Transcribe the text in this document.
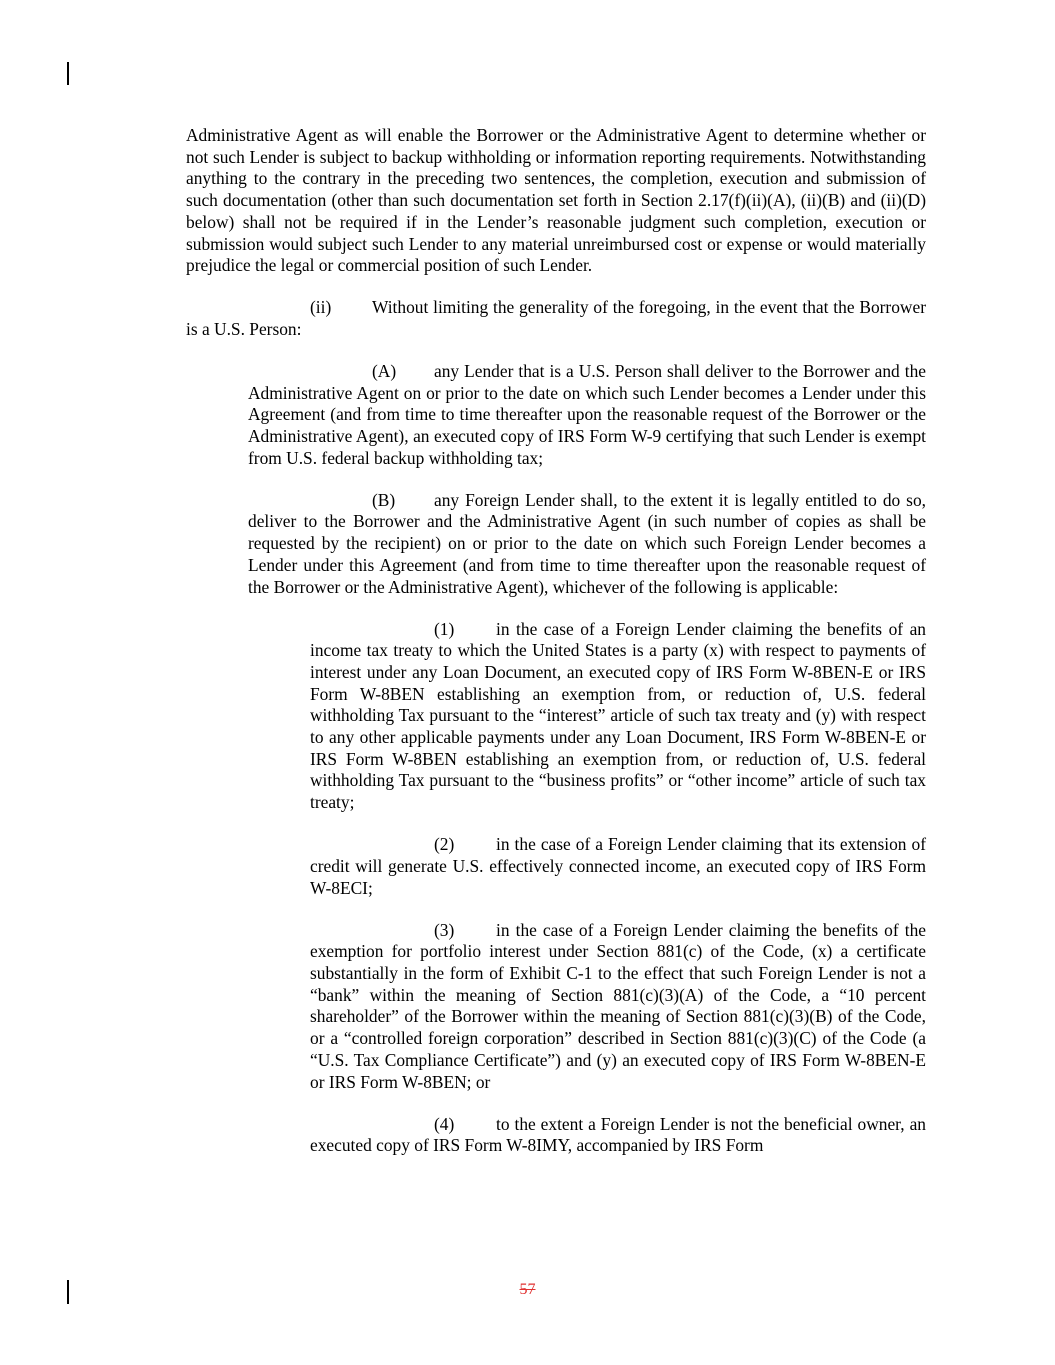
Administrative Agent as will enable the Borrower or the Administrative Agent to determine whether or not such Lender is subject to backup withholding or information reporting requirements. Notwithstanding anything to the contrary in the preceding two sentences, the completion, execution and submission of such documentation (other than such documentation set forth in Section 2.17(f)(ii)(A), (ii)(B) and (ii)(D) below) shall not be required if in the Lender’s reasonable judgment such completion, execution or submission would subject such Lender to any material unreimbursed cost or expense or would materially prejudice the legal or commercial position of such Lender.

(ii) Without limiting the generality of the foregoing, in the event that the Borrower is a U.S. Person:

(A) any Lender that is a U.S. Person shall deliver to the Borrower and the Administrative Agent on or prior to the date on which such Lender becomes a Lender under this Agreement (and from time to time thereafter upon the reasonable request of the Borrower or the Administrative Agent), an executed copy of IRS Form W-9 certifying that such Lender is exempt from U.S. federal backup withholding tax;

(B) any Foreign Lender shall, to the extent it is legally entitled to do so, deliver to the Borrower and the Administrative Agent (in such number of copies as shall be requested by the recipient) on or prior to the date on which such Foreign Lender becomes a Lender under this Agreement (and from time to time thereafter upon the reasonable request of the Borrower or the Administrative Agent), whichever of the following is applicable:

(1) in the case of a Foreign Lender claiming the benefits of an income tax treaty to which the United States is a party (x) with respect to payments of interest under any Loan Document, an executed copy of IRS Form W-8BEN-E or IRS Form W-8BEN establishing an exemption from, or reduction of, U.S. federal withholding Tax pursuant to the “interest” article of such tax treaty and (y) with respect to any other applicable payments under any Loan Document, IRS Form W-8BEN-E or IRS Form W-8BEN establishing an exemption from, or reduction of, U.S. federal withholding Tax pursuant to the “business profits” or “other income” article of such tax treaty;

(2) in the case of a Foreign Lender claiming that its extension of credit will generate U.S. effectively connected income, an executed copy of IRS Form W-8ECI;

(3) in the case of a Foreign Lender claiming the benefits of the exemption for portfolio interest under Section 881(c) of the Code, (x) a certificate substantially in the form of Exhibit C-1 to the effect that such Foreign Lender is not a “bank” within the meaning of Section 881(c)(3)(A) of the Code, a “10 percent shareholder” of the Borrower within the meaning of Section 881(c)(3)(B) of the Code, or a “controlled foreign corporation” described in Section 881(c)(3)(C) of the Code (a “U.S. Tax Compliance Certificate”) and (y) an executed copy of IRS Form W-8BEN-E or IRS Form W-8BEN; or

(4) to the extent a Foreign Lender is not the beneficial owner, an executed copy of IRS Form W-8IMY, accompanied by IRS Form

57
